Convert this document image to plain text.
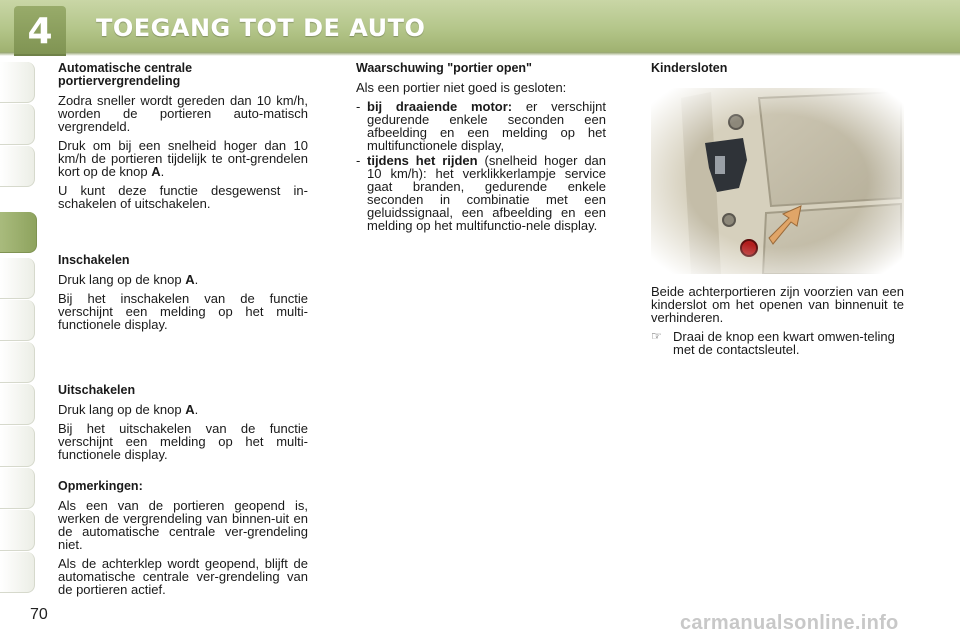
4	TOEGANG TOT DE AUTO
Automatische centrale
portiervergrendeling

Zodra sneller wordt gereden dan 10 km/h, worden de portieren auto-matisch vergrendeld.

Druk om bij een snelheid hoger dan 10 km/h de portieren tijdelijk te ont-grendelen kort op de knop A.

U kunt deze functie desgewenst in-schakelen of uitschakelen.

Inschakelen

Druk lang op de knop A.

Bij het inschakelen van de functie verschijnt een melding op het multi-functionele display.

Uitschakelen

Druk lang op de knop A.

Bij het uitschakelen van de functie verschijnt een melding op het multi-functionele display.

Opmerkingen:

Als een van de portieren geopend is, werken de vergrendeling van binnen-uit en de automatische centrale ver-grendeling niet.

Als de achterklep wordt geopend, blijft de automatische centrale ver-grendeling van de portieren actief.

Waarschuwing "portier open"

Als een portier niet goed is gesloten:

- bij draaiende motor: er verschijnt gedurende enkele seconden een afbeelding en een melding op het multifunctionele display,
- tijdens het rijden (snelheid hoger dan 10 km/h): het verklikkerlampje service gaat branden, gedurende enkele seconden in combinatie met een geluidssignaal, een afbeelding en een melding op het multifunctio-nele display.
Kindersloten

Beide achterportieren zijn voorzien van een kinderslot om het openen van binnenuit te verhinderen.

☞ Draai de knop een kwart omwen-teling met de contactsleutel.
70	carmanualsonline.info
